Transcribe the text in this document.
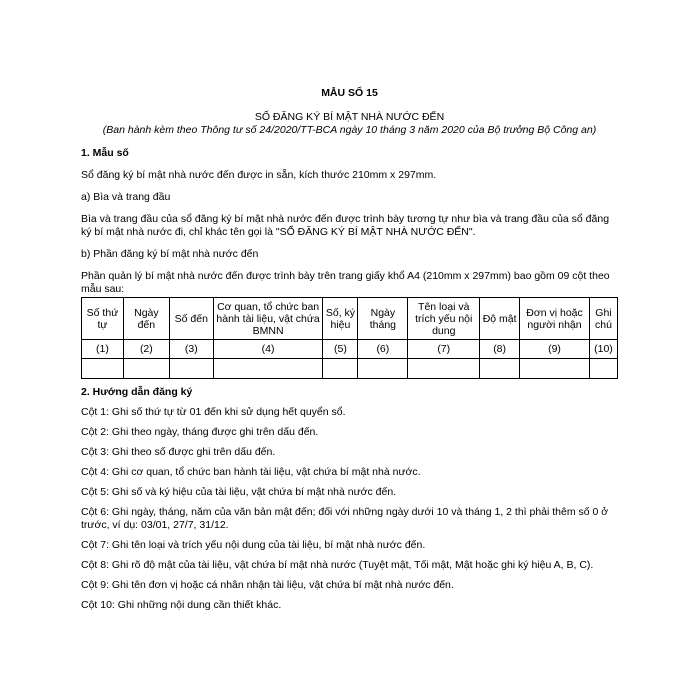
MẪU SỐ 15

SỐ ĐĂNG KÝ BÍ MẬT NHÀ NƯỚC ĐẾN

(Ban hành kèm theo Thông tư số 24/2020/TT-BCA ngày 10 tháng 3 năm 2020 của Bộ trưởng Bộ Công an)

1. Mẫu số

Sổ đăng ký bí mật nhà nước đến được in sẵn, kích thước 210mm x 297mm.

a) Bìa và trang đầu

Bìa và trang đầu của sổ đăng ký bí mật nhà nước đến được trình bày tương tự như bìa và trang đầu của sổ đăng ký bí mật nhà nước đi, chỉ khác tên gọi là "SỔ ĐĂNG KÝ BÍ MẬT NHÀ NƯỚC ĐẾN".

b) Phần đăng ký bí mật nhà nước đến

Phần quản lý bí mật nhà nước đến được trình bày trên trang giấy khổ A4 (210mm x 297mm) bao gồm 09 cột theo mẫu sau:

Số thứ tự	Ngày đến	Số đến	Cơ quan, tổ chức ban hành tài liệu, vật chứa BMNN	Số, ký hiệu	Ngày tháng	Tên loại và trích yếu nội dung	Độ mật	Đơn vị hoặc người nhận	Ghi chú
(1)	(2)	(3)	(4)	(5)	(6)	(7)	(8)	(9)	(10)

2. Hướng dẫn đăng ký

Cột 1: Ghi số thứ tự từ 01 đến khi sử dụng hết quyển sổ.

Cột 2: Ghi theo ngày, tháng được ghi trên dấu đến.

Cột 3: Ghi theo số được ghi trên dấu đến.

Cột 4: Ghi cơ quan, tổ chức ban hành tài liệu, vật chứa bí mật nhà nước.

Cột 5: Ghi số và ký hiệu của tài liệu, vật chứa bí mật nhà nước đến.

Cột 6: Ghi ngày, tháng, năm của văn bản mật đến; đối với những ngày dưới 10 và tháng 1, 2 thì phải thêm số 0 ở trước, ví dụ: 03/01, 27/7, 31/12.

Cột 7: Ghi tên loại và trích yếu nội dung của tài liệu, bí mật nhà nước đến.

Cột 8: Ghi rõ độ mật của tài liệu, vật chứa bí mật nhà nước (Tuyệt mật, Tối mật, Mật hoặc ghi ký hiệu A, B, C).

Cột 9: Ghi tên đơn vị hoặc cá nhân nhận tài liệu, vật chứa bí mật nhà nước đến.

Cột 10: Ghi những nội dung cần thiết khác.
